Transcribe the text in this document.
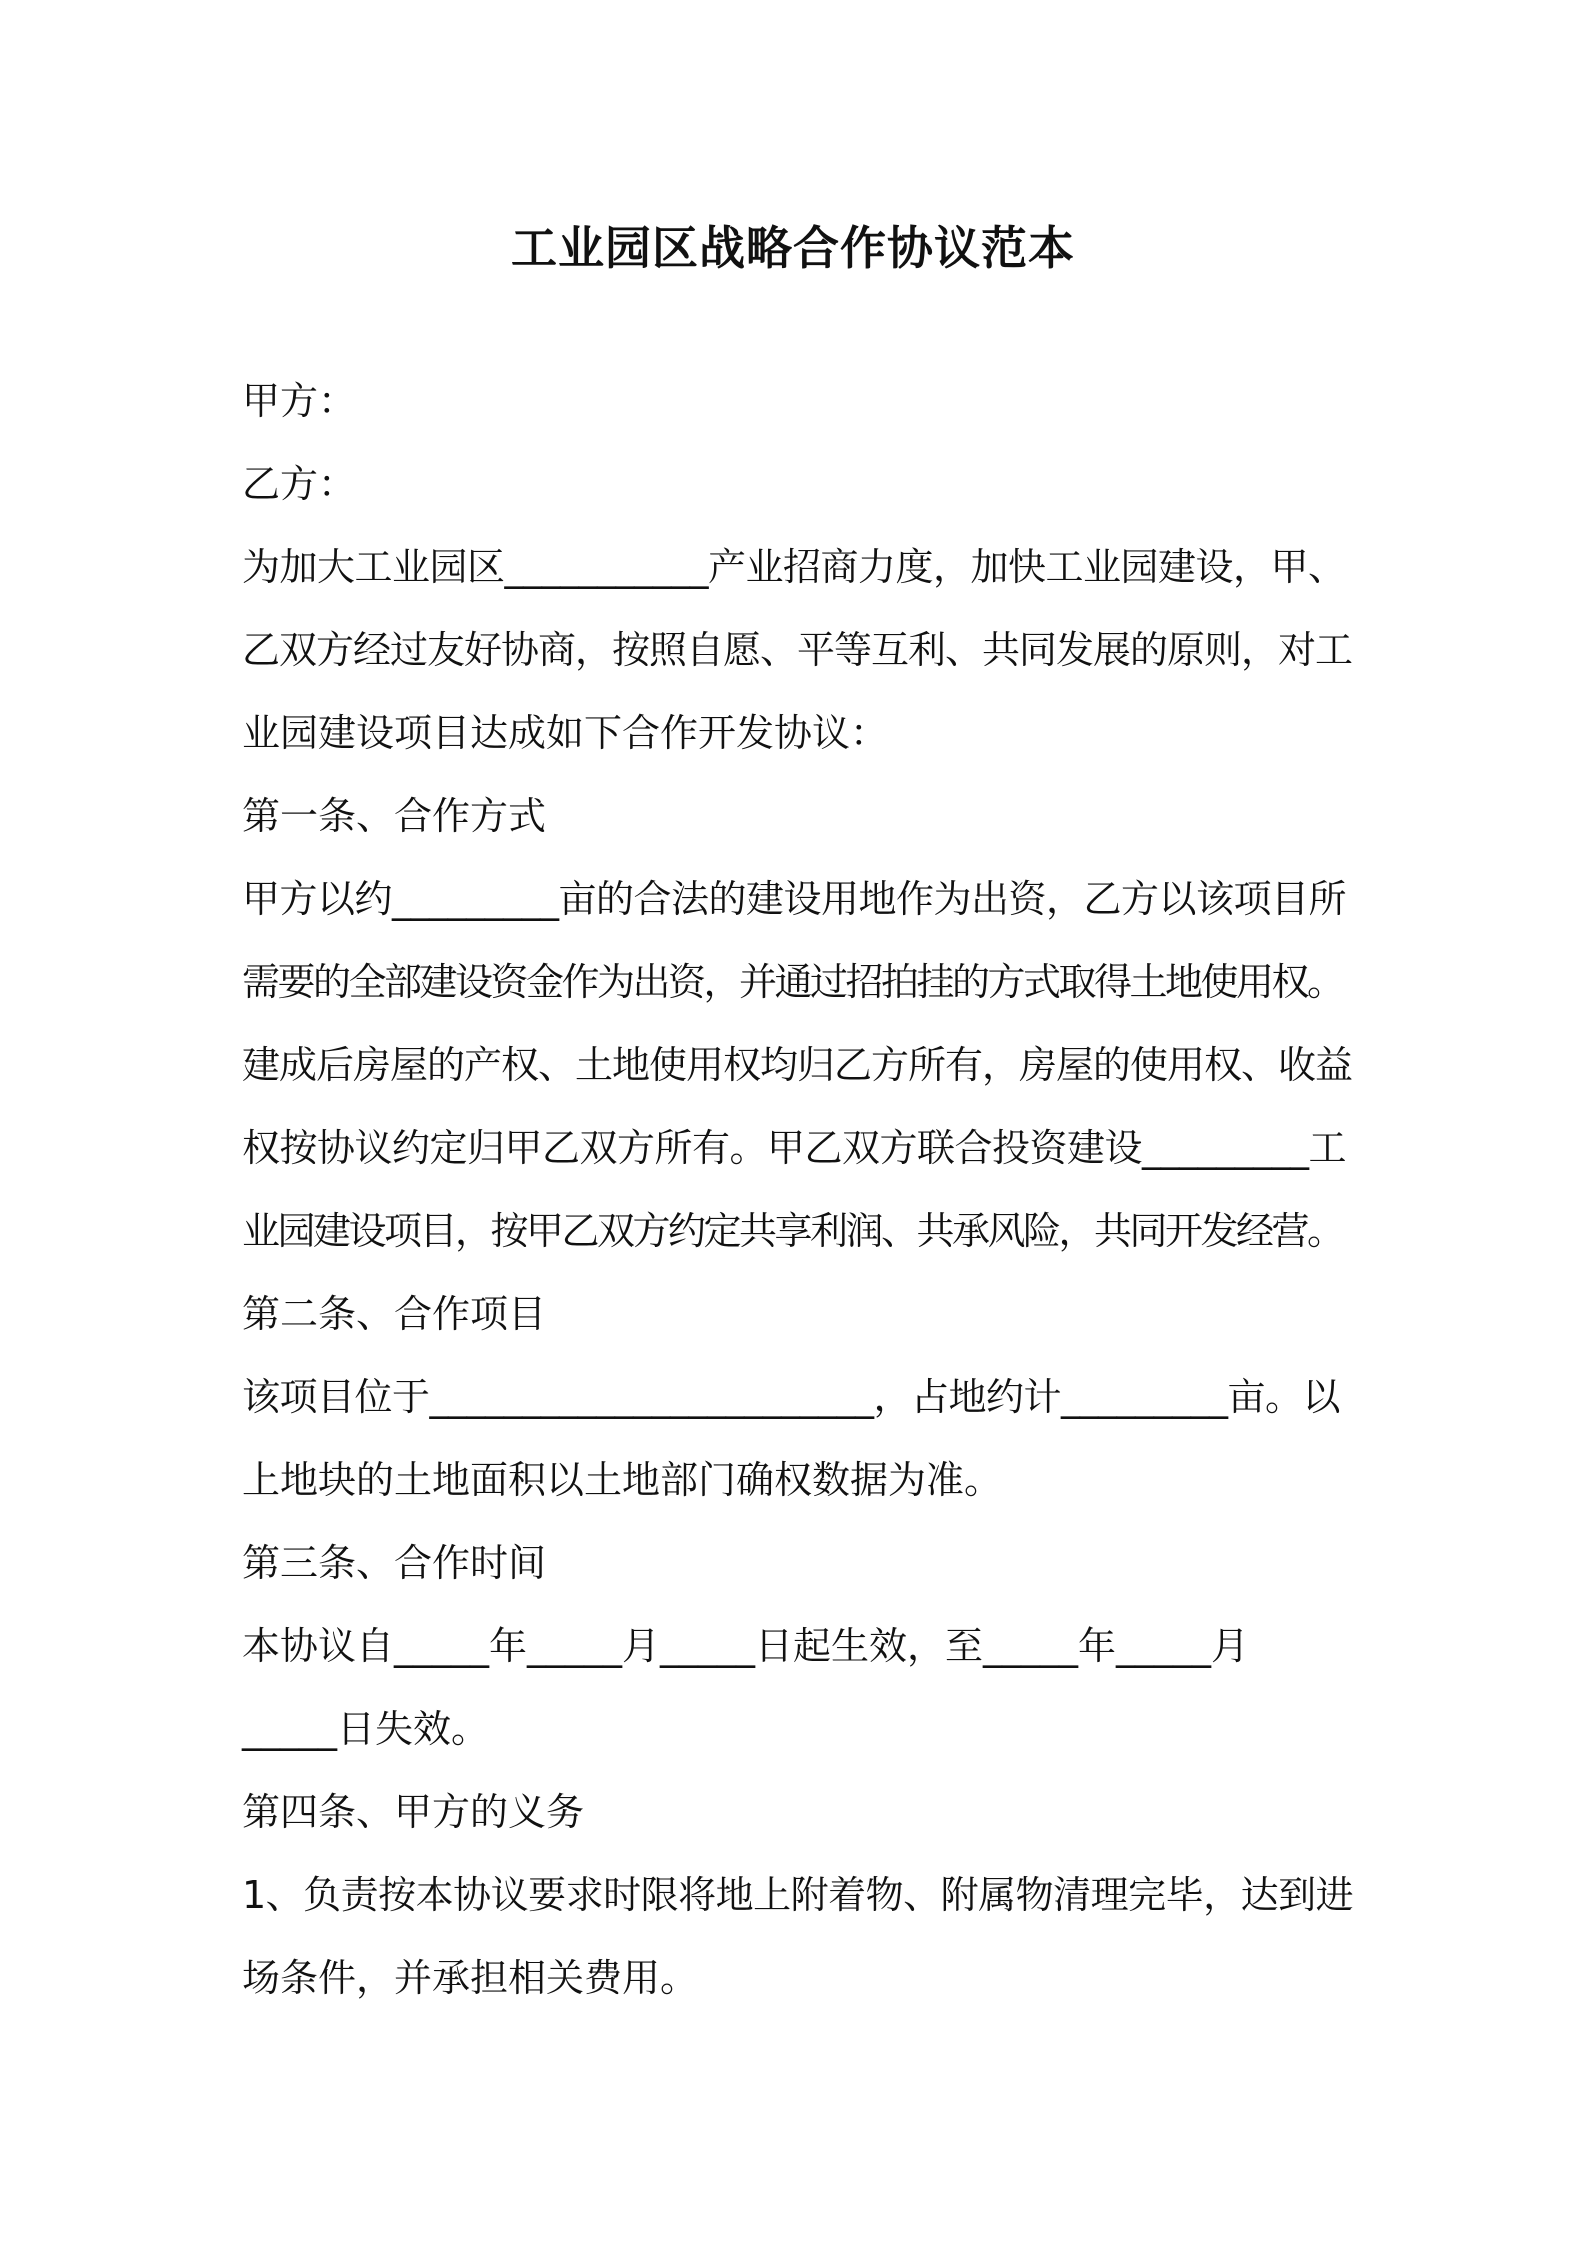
工业园区战略合作协议范本
甲方：
乙方：
为加大工业园区___________产业招商力度，加快工业园建设，甲、
乙双方经过友好协商，按照自愿、平等互利、共同发展的原则，对工
业园建设项目达成如下合作开发协议：
第一条、合作方式
甲方以约_________亩的合法的建设用地作为出资，乙方以该项目所
需要的全部建设资金作为出资，并通过招拍挂的方式取得土地使用权。
建成后房屋的产权、土地使用权均归乙方所有，房屋的使用权、收益
权按协议约定归甲乙双方所有。甲乙双方联合投资建设_________工
业园建设项目，按甲乙双方约定共享利润、共承风险，共同开发经营。
第二条、合作项目
该项目位于________________________，占地约计_________亩。以
上地块的土地面积以土地部门确权数据为准。
第三条、合作时间
本协议自_____年_____月_____日起生效，至_____年_____月
_____日失效。
第四条、甲方的义务
1、负责按本协议要求时限将地上附着物、附属物清理完毕，达到进
场条件，并承担相关费用。
